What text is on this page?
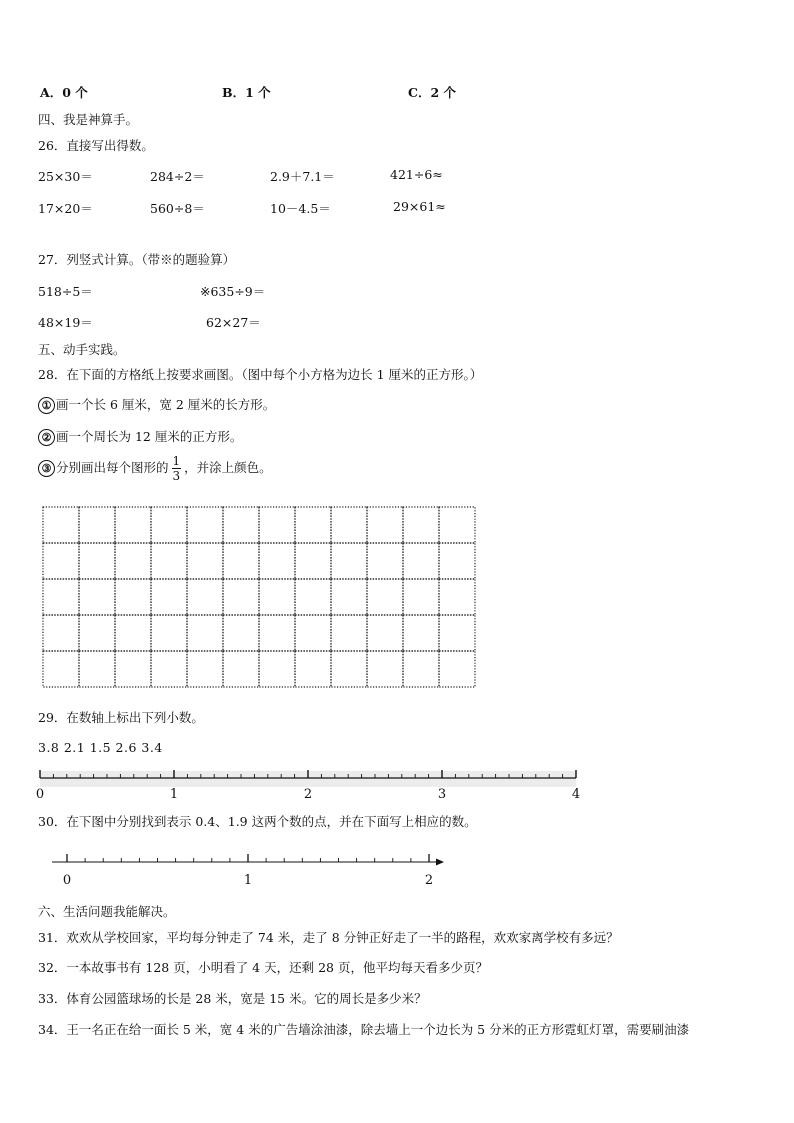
A．0 个	B．1 个	C．2 个
四、我是神算手。
26．直接写出得数。
25×30＝	284÷2＝	2.9＋7.1＝	421÷6≈
17×20＝	560÷8＝	10－4.5＝	29×61≈
27．列竖式计算。（带※的题验算）
518÷5＝	※635÷9＝
48×19＝	62×27＝
五、动手实践。
28．在下面的方格纸上按要求画图。（图中每个小方格为边长 1 厘米的正方形。）
① 画一个长 6 厘米，宽 2 厘米的长方形。
② 画一个周长为 12 厘米的正方形。
③ 分别画出每个图形的 $\frac{1}{3}$ ，并涂上颜色。
29．在数轴上标出下列小数。
3.8 2.1 1.5 2.6 3.4
0	1	2	3	4
30．在下图中分别找到表示 0.4、1.9 这两个数的点，并在下面写上相应的数。
0	1	2
六、生活问题我能解决。
31．欢欢从学校回家，平均每分钟走了 74 米，走了 8 分钟正好走了一半的路程，欢欢家离学校有多远？
32．一本故事书有 128 页，小明看了 4 天，还剩 28 页，他平均每天看多少页？
33．体育公园篮球场的长是 28 米，宽是 15 米。它的周长是多少米？
34．王一名正在给一面长 5 米，宽 4 米的广告墙涂油漆，除去墙上一个边长为 5 分米的正方形霓虹灯罩，需要刷油漆
